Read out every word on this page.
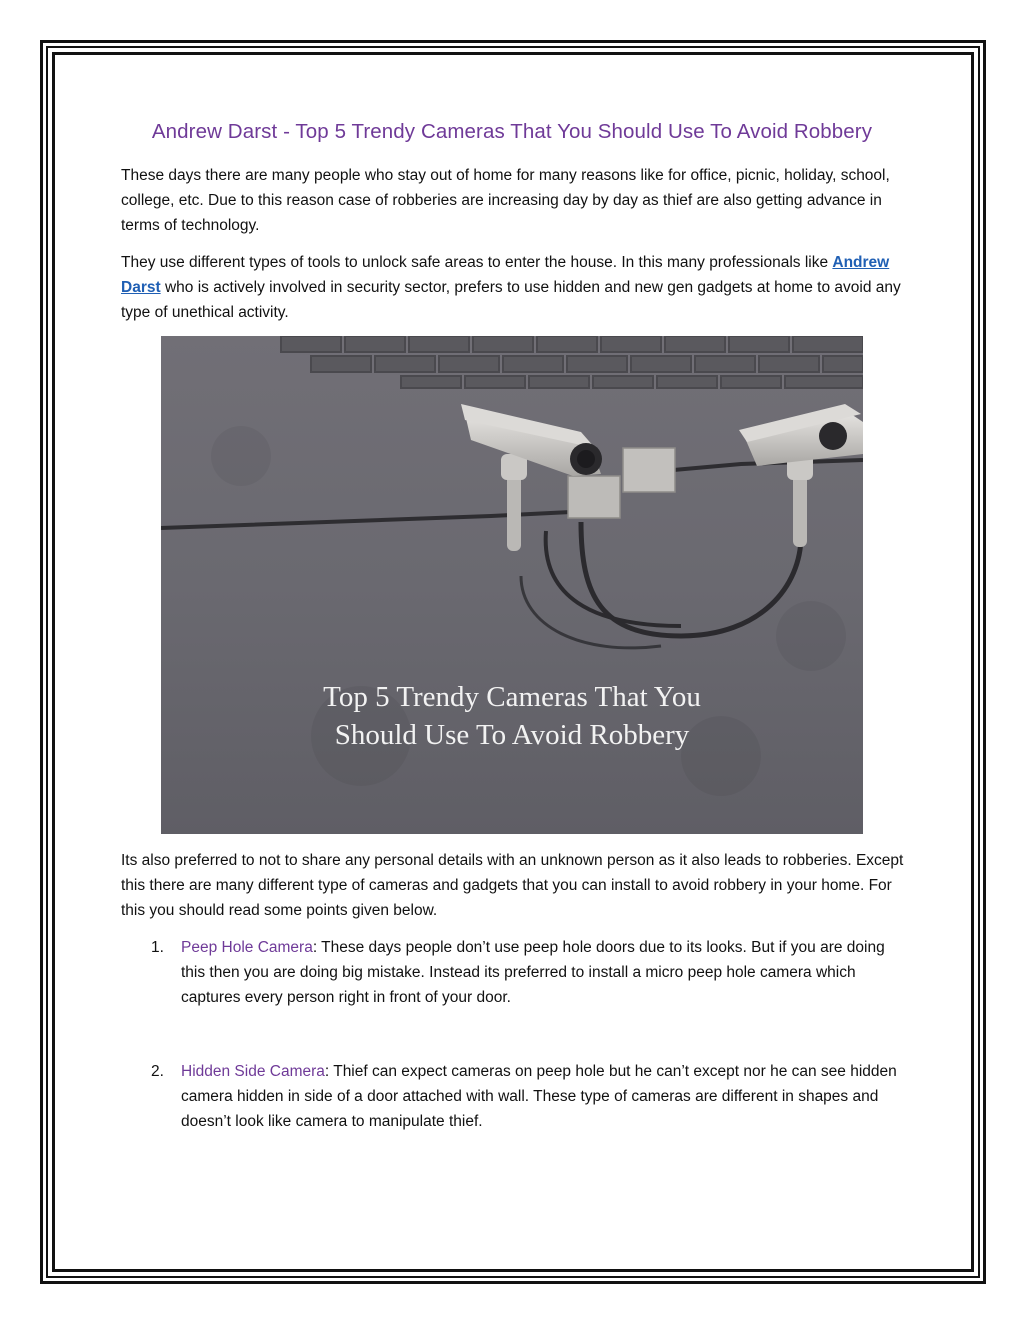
Andrew Darst - Top 5 Trendy Cameras That You Should Use To Avoid Robbery
These days there are many people who stay out of home for many reasons like for office, picnic, holiday, school, college, etc. Due to this reason case of robberies are increasing day by day as thief are also getting advance in terms of technology.
They use different types of tools to unlock safe areas to enter the house. In this many professionals like Andrew Darst who is actively involved in security sector, prefers to use hidden and new gen gadgets at home to avoid any type of unethical activity.
Top 5 Trendy Cameras That You
Should Use To Avoid Robbery
Its also preferred to not to share any personal details with an unknown person as it also leads to robberies. Except this there are many different type of cameras and gadgets that you can install to avoid robbery in your home. For this you should read some points given below.
1. Peep Hole Camera: These days people don’t use peep hole doors due to its looks. But if you are doing this then you are doing big mistake. Instead its preferred to install a micro peep hole camera which captures every person right in front of your door.
2. Hidden Side Camera: Thief can expect cameras on peep hole but he can’t except nor he can see hidden camera hidden in side of a door attached with wall. These type of cameras are different in shapes and doesn’t look like camera to manipulate thief.
